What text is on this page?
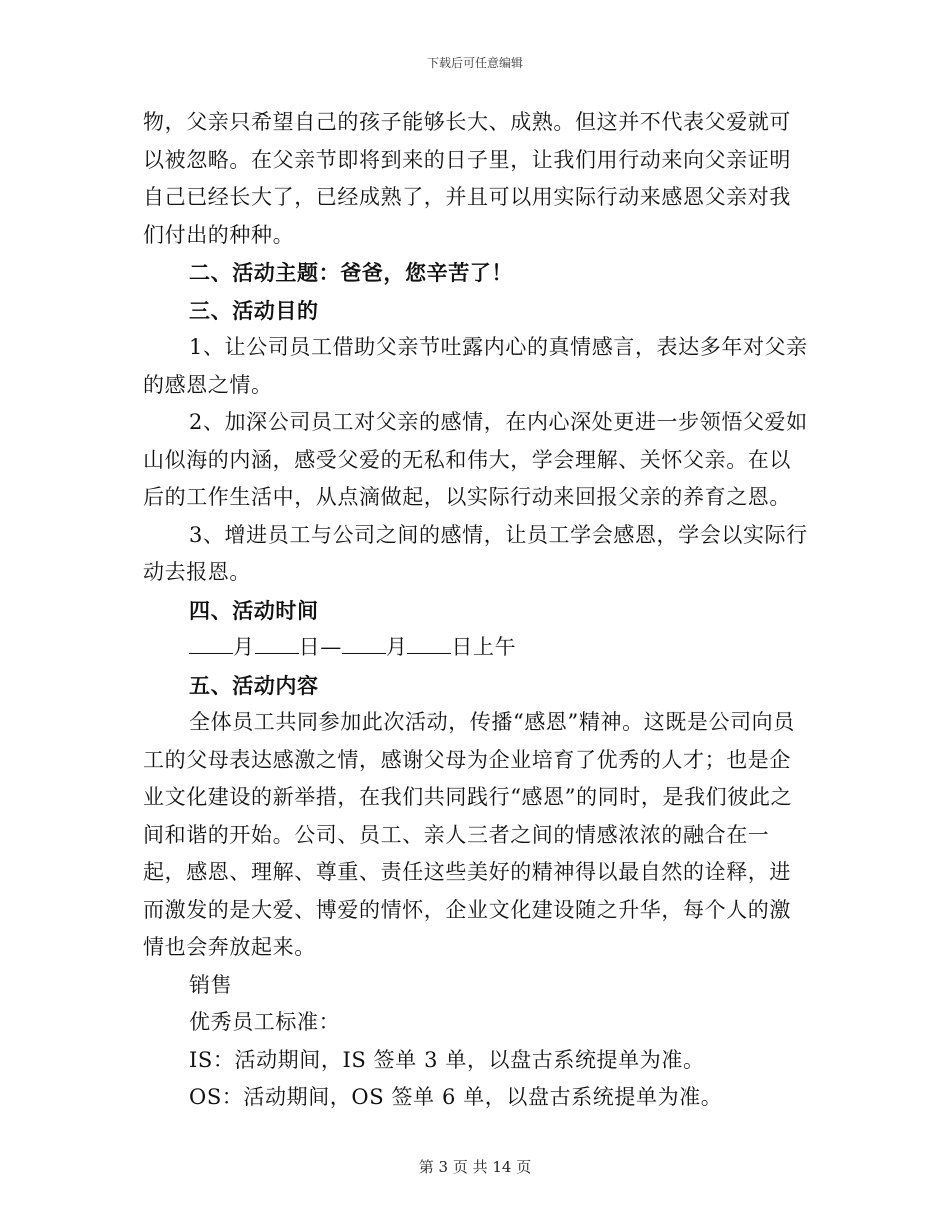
下载后可任意编辑

物，父亲只希望自己的孩子能够长大、成熟。但这并不代表父爱就可以被忽略。在父亲节即将到来的日子里，让我们用行动来向父亲证明自己已经长大了，已经成熟了，并且可以用实际行动来感恩父亲对我们付出的种种。

二、活动主题：爸爸，您辛苦了！

三、活动目的

1、让公司员工借助父亲节吐露内心的真情感言，表达多年对父亲的感恩之情。

2、加深公司员工对父亲的感情，在内心深处更进一步领悟父爱如山似海的内涵，感受父爱的无私和伟大，学会理解、关怀父亲。在以后的工作生活中，从点滴做起，以实际行动来回报父亲的养育之恩。

3、增进员工与公司之间的感情，让员工学会感恩，学会以实际行动去报恩。

四、活动时间

月 日— 月 日上午

五、活动内容

全体员工共同参加此次活动，传播“感恩”精神。这既是公司向员工的父母表达感激之情，感谢父母为企业培育了优秀的人才；也是企业文化建设的新举措，在我们共同践行“感恩”的同时，是我们彼此之间和谐的开始。公司、员工、亲人三者之间的情感浓浓的融合在一起，感恩、理解、尊重、责任这些美好的精神得以最自然的诠释，进而激发的是大爱、博爱的情怀，企业文化建设随之升华，每个人的激情也会奔放起来。

销售

优秀员工标准：

IS：活动期间，IS 签单 3 单，以盘古系统提单为准。

OS：活动期间，OS 签单 6 单，以盘古系统提单为准。

第 3 页 共 14 页
